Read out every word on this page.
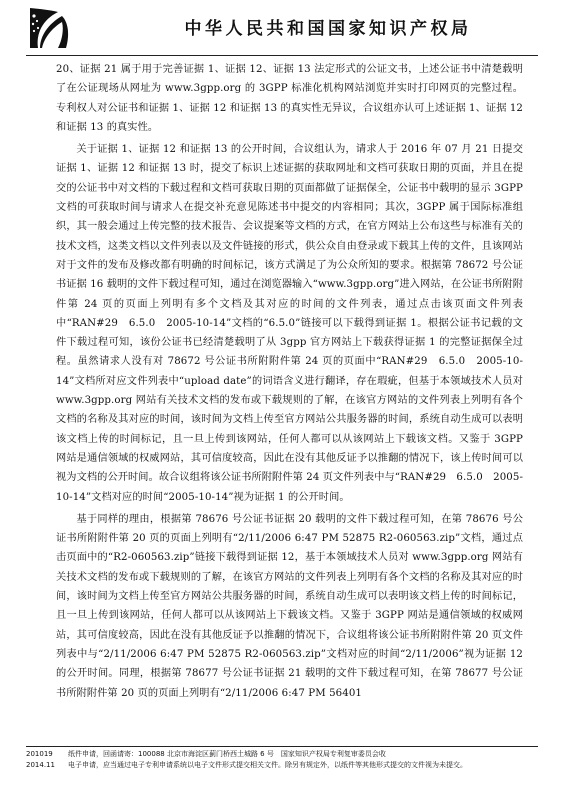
中华人民共和国国家知识产权局

20、证据 21 属于用于完善证据 1、证据 12、证据 13 法定形式的公证文书，上述公证书中清楚载明了在公证现场从网址为 www.3gpp.org 的 3GPP 标准化机构网站浏览并实时打印网页的完整过程。专利权人对公证书和证据 1、证据 12 和证据 13 的真实性无异议，合议组亦认可上述证据 1、证据 12 和证据 13 的真实性。

关于证据 1、证据 12 和证据 13 的公开时间，合议组认为，请求人于 2016 年 07 月 21 日提交证据 1、证据 12 和证据 13 时，提交了标识上述证据的获取网址和文档可获取日期的页面，并且在提交的公证书中对文档的下载过程和文档可获取日期的页面都做了证据保全，公证书中载明的显示 3GPP 文档的可获取时间与请求人在提交补充意见陈述书中提交的内容相同；其次，3GPP 属于国际标准组织，其一般会通过上传完整的技术报告、会议提案等文档的方式，在官方网站上公布这些与标准有关的技术文档，这类文档以文件列表以及文件链接的形式，供公众自由登录或下载其上传的文件，且该网站对于文件的发布及修改都有明确的时间标记，该方式满足了为公众所知的要求。根据第 78672 号公证书证据 16 载明的文件下载过程可知，通过在浏览器输入“www.3gpp.org”进入网站，在公证书所附附件第 24 页的页面上列明有多个文档及其对应的时间的文件列表，通过点击该页面文件列表中“RAN#29　6.5.0　2005-10-14”文档的“6.5.0”链接可以下载得到证据 1。根据公证书记载的文件下载过程可知，该份公证书已经清楚载明了从 3gpp 官方网站上下载获得证据 1 的完整证据保全过程。虽然请求人没有对 78672 号公证书所附附件第 24 页的页面中“RAN#29　6.5.0　2005-10-14”文档所对应文件列表中“upload date”的词语含义进行翻译，存在瑕疵，但基于本领域技术人员对 www.3gpp.org 网站有关技术文档的发布或下载规则的了解，在该官方网站的文件列表上列明有各个文档的名称及其对应的时间，该时间为文档上传至官方网站公共服务器的时间，系统自动生成可以表明该文档上传的时间标记，且一旦上传到该网站，任何人都可以从该网站上下载该文档。又鉴于 3GPP 网站是通信领域的权威网站，其可信度较高，因此在没有其他反证予以推翻的情况下，该上传时间可以视为文档的公开时间。故合议组将该公证书所附附件第 24 页文件列表中与“RAN#29　6.5.0　2005-10-14”文档对应的时间“2005-10-14”视为证据 1 的公开时间。

基于同样的理由，根据第 78676 号公证书证据 20 载明的文件下载过程可知，在第 78676 号公证书所附附件第 20 页的页面上列明有“2/11/2006 6:47 PM 52875 R2-060563.zip”文档，通过点击页面中的“R2-060563.zip”链接下载得到证据 12，基于本领域技术人员对 www.3gpp.org 网站有关技术文档的发布或下载规则的了解，在该官方网站的文件列表上列明有各个文档的名称及其对应的时间，该时间为文档上传至官方网站公共服务器的时间，系统自动生成可以表明该文档上传的时间标记，且一旦上传到该网站，任何人都可以从该网站上下载该文档。又鉴于 3GPP 网站是通信领域的权威网站，其可信度较高，因此在没有其他反证予以推翻的情况下，合议组将该公证书所附附件第 20 页文件列表中与“2/11/2006 6:47 PM 52875 R2-060563.zip”文档对应的时间“2/11/2006”视为证据 12 的公开时间。同理，根据第 78677 号公证书证据 21 载明的文件下载过程可知，在第 78677 号公证书所附附件第 20 页的页面上列明有“2/11/2006 6:47 PM 56401

201019	纸件申请，回函请寄： 100088 北京市海淀区蓟门桥西土城路 6 号　国家知识产权局专利复审委员会收
2014.11	电子申请， 应当通过电子专利申请系统以电子文件形式提交相关文件。除另有规定外，以纸件等其他形式提交的文件视为未提交。
